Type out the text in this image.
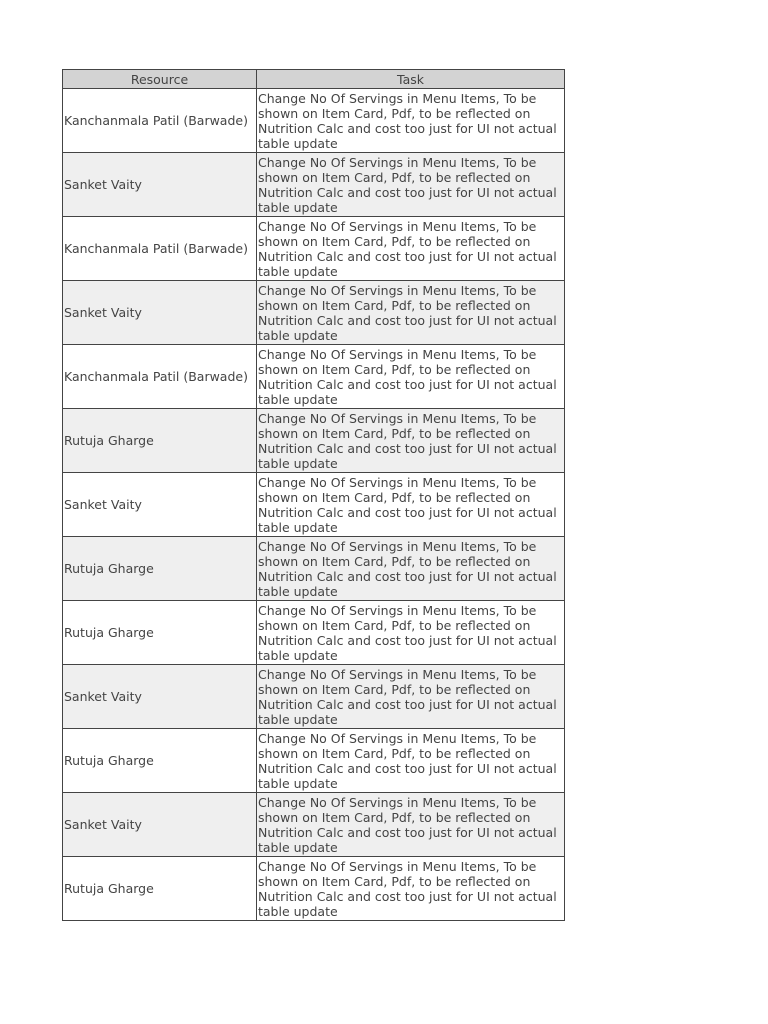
Resource	Task
Kanchanmala Patil (Barwade)	Change No Of Servings in Menu Items, To be shown on Item Card, Pdf, to be reflected on Nutrition Calc and cost too just for UI not actual table update
Sanket Vaity	Change No Of Servings in Menu Items, To be shown on Item Card, Pdf, to be reflected on Nutrition Calc and cost too just for UI not actual table update
Kanchanmala Patil (Barwade)	Change No Of Servings in Menu Items, To be shown on Item Card, Pdf, to be reflected on Nutrition Calc and cost too just for UI not actual table update
Sanket Vaity	Change No Of Servings in Menu Items, To be shown on Item Card, Pdf, to be reflected on Nutrition Calc and cost too just for UI not actual table update
Kanchanmala Patil (Barwade)	Change No Of Servings in Menu Items, To be shown on Item Card, Pdf, to be reflected on Nutrition Calc and cost too just for UI not actual table update
Rutuja Gharge	Change No Of Servings in Menu Items, To be shown on Item Card, Pdf, to be reflected on Nutrition Calc and cost too just for UI not actual table update
Sanket Vaity	Change No Of Servings in Menu Items, To be shown on Item Card, Pdf, to be reflected on Nutrition Calc and cost too just for UI not actual table update
Rutuja Gharge	Change No Of Servings in Menu Items, To be shown on Item Card, Pdf, to be reflected on Nutrition Calc and cost too just for UI not actual table update
Rutuja Gharge	Change No Of Servings in Menu Items, To be shown on Item Card, Pdf, to be reflected on Nutrition Calc and cost too just for UI not actual table update
Sanket Vaity	Change No Of Servings in Menu Items, To be shown on Item Card, Pdf, to be reflected on Nutrition Calc and cost too just for UI not actual table update
Rutuja Gharge	Change No Of Servings in Menu Items, To be shown on Item Card, Pdf, to be reflected on Nutrition Calc and cost too just for UI not actual table update
Sanket Vaity	Change No Of Servings in Menu Items, To be shown on Item Card, Pdf, to be reflected on Nutrition Calc and cost too just for UI not actual table update
Rutuja Gharge	Change No Of Servings in Menu Items, To be shown on Item Card, Pdf, to be reflected on Nutrition Calc and cost too just for UI not actual table update
